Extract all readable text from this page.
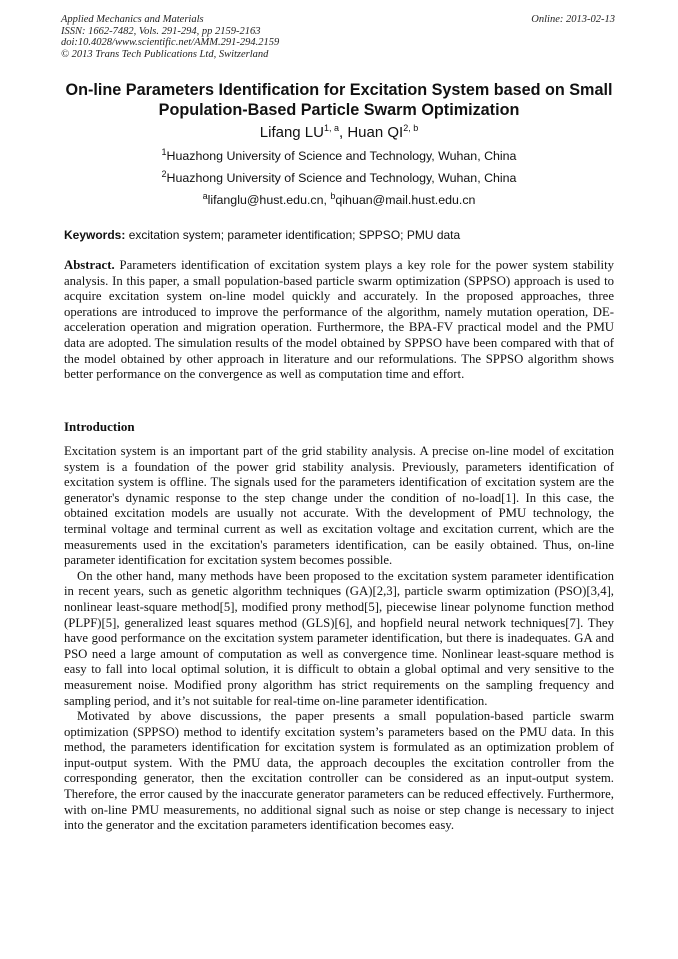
Applied Mechanics and Materials
ISSN: 1662-7482, Vols. 291-294, pp 2159-2163
doi:10.4028/www.scientific.net/AMM.291-294.2159
© 2013 Trans Tech Publications Ltd, Switzerland
Online: 2013-02-13
On-line Parameters Identification for Excitation System based on Small Population-Based Particle Swarm Optimization
Lifang LU$^{1, a}$, Huan QI$^{2, b}$
$^1$Huazhong University of Science and Technology, Wuhan, China
$^2$Huazhong University of Science and Technology, Wuhan, China
$^a$lifanglu@hust.edu.cn, $^b$qihuan@mail.hust.edu.cn
Keywords: excitation system; parameter identification; SPPSO; PMU data

Abstract. Parameters identification of excitation system plays a key role for the power system stability analysis. In this paper, a small population-based particle swarm optimization (SPPSO) approach is used to acquire excitation system on-line model quickly and accurately. In the proposed approaches, three operations are introduced to improve the performance of the algorithm, namely mutation operation, DE-acceleration operation and migration operation. Furthermore, the BPA-FV practical model and the PMU data are adopted. The simulation results of the model obtained by SPPSO have been compared with that of the model obtained by other approach in literature and our reformulations. The SPPSO algorithm shows better performance on the convergence as well as computation time and effort.

Introduction

Excitation system is an important part of the grid stability analysis. A precise on-line model of excitation system is a foundation of the power grid stability analysis. Previously, parameters identification of excitation system is offline. The signals used for the parameters identification of excitation system are the generator's dynamic response to the step change under the condition of no-load[1]. In this case, the obtained excitation models are usually not accurate. With the development of PMU technology, the terminal voltage and terminal current as well as excitation voltage and excitation current, which are the measurements used in the excitation's parameters identification, can be easily obtained. Thus, on-line parameter identification for excitation system becomes possible.

On the other hand, many methods have been proposed to the excitation system parameter identification in recent years, such as genetic algorithm techniques (GA)[2,3], particle swarm optimization (PSO)[3,4], nonlinear least-square method[5], modified prony method[5], piecewise linear polynome function method (PLPF)[5], generalized least squares method (GLS)[6], and hopfield neural network techniques[7]. They have good performance on the excitation system parameter identification, but there is inadequates. GA and PSO need a large amount of computation as well as convergence time. Nonlinear least-square method is easy to fall into local optimal solution, it is difficult to obtain a global optimal and very sensitive to the measurement noise. Modified prony algorithm has strict requirements on the sampling frequency and sampling period, and it’s not suitable for real-time on-line parameter identification.

Motivated by above discussions, the paper presents a small population-based particle swarm optimization (SPPSO) method to identify excitation system’s parameters based on the PMU data. In this method, the parameters identification for excitation system is formulated as an optimization problem of input-output system. With the PMU data, the approach decouples the excitation controller from the corresponding generator, then the excitation controller can be considered as an input-output system. Therefore, the error caused by the inaccurate generator parameters can be reduced effectively. Furthermore, with on-line PMU measurements, no additional signal such as noise or step change is necessary to inject into the generator and the excitation parameters identification becomes easy.
